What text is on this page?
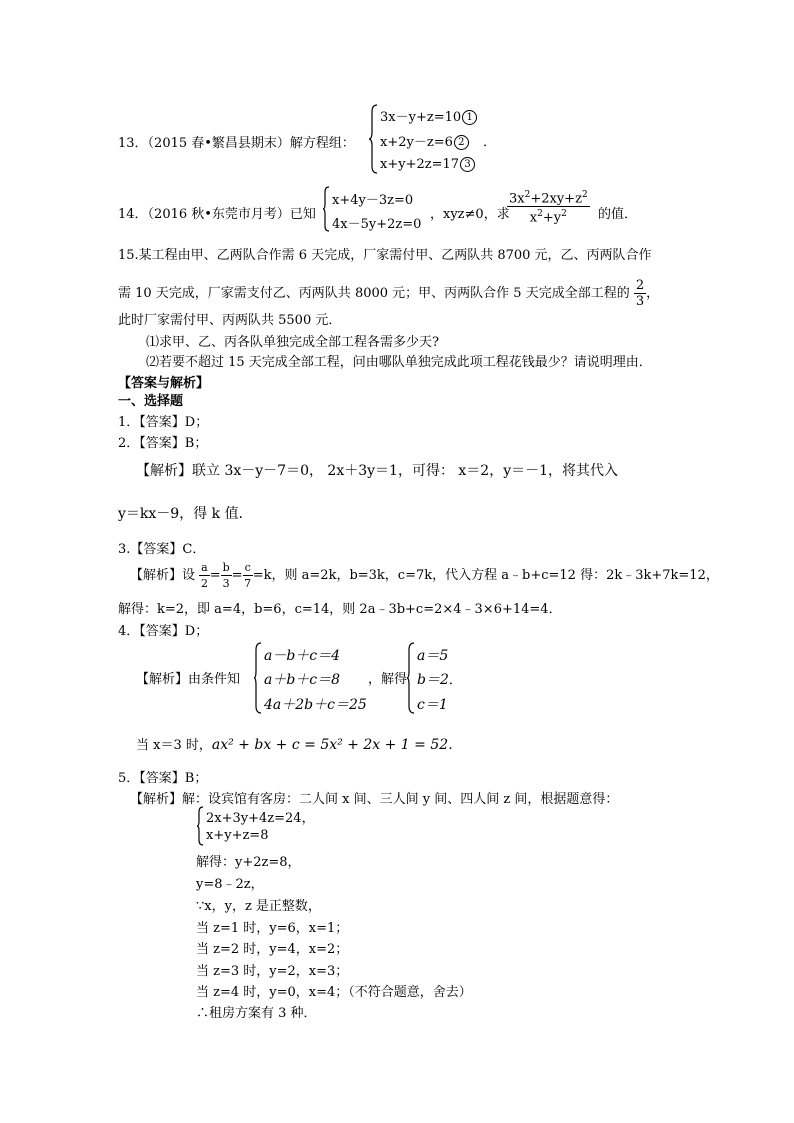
13．（2015 春•繁昌县期末）解方程组：
3x－y+z=10 1
x+2y－z=6 2 ．
x+y+2z=17 3
14．（2016 秋•东莞市月考）已知
x+4y－3z=0
4x－5y+2z=0
，xyz≠0，求
$\frac{3x^2+2xy+z^2}{x^2+y^2}$ 的值．
15.某工程由甲、乙两队合作需 6 天完成，厂家需付甲、乙两队共 8700 元，乙、丙两队合作
需 10 天完成，厂家需支付乙、丙两队共 8000 元；甲、丙两队合作 5 天完成全部工程的 $\frac{2}{3}$ ，
此时厂家需付甲、丙两队共 5500 元．
⑴求甲、乙、丙各队单独完成全部工程各需多少天?
⑵若要不超过 15 天完成全部工程，问由哪队单独完成此项工程花钱最少？请说明理由．
【答案与解析】
一、选择题
1．【答案】D；
2．【答案】B；
【解析】联立 3x－y－7＝0， 2x＋3y＝1，可得： x＝2，y＝－1，将其代入
y＝kx－9，得 k 值．
3.【答案】C．
【解析】设 $\frac{a}{2} = \frac{b}{3} = \frac{c}{7} =k$，则 a=2k，b=3k，c=7k，代入方程 a﹣b+c=12 得：2k﹣3k+7k=12，
解得：k=2，即 a=4，b=6，c=14，则 2a﹣3b+c=2×4﹣3×6+14=4．
4．【答案】D；
【解析】由条件知
a－b＋c＝4
a＋b＋c＝8
4a＋2b＋c＝25
，解得
a＝5
b＝2．
c＝1
当 x＝3 时，ax² + bx + c = 5x² + 2x + 1 = 52．
5．【答案】B；
【解析】解：设宾馆有客房：二人间 x 间、三人间 y 间、四人间 z 间，根据题意得：
2x+3y+4z=24，
x+y+z=8
解得：y+2z=8，
y=8﹣2z，
∵x，y，z 是正整数，
当 z=1 时，y=6，x=1；
当 z=2 时，y=4，x=2；
当 z=3 时，y=2，x=3；
当 z=4 时，y=0，x=4；（不符合题意，舍去）
∴租房方案有 3 种．
